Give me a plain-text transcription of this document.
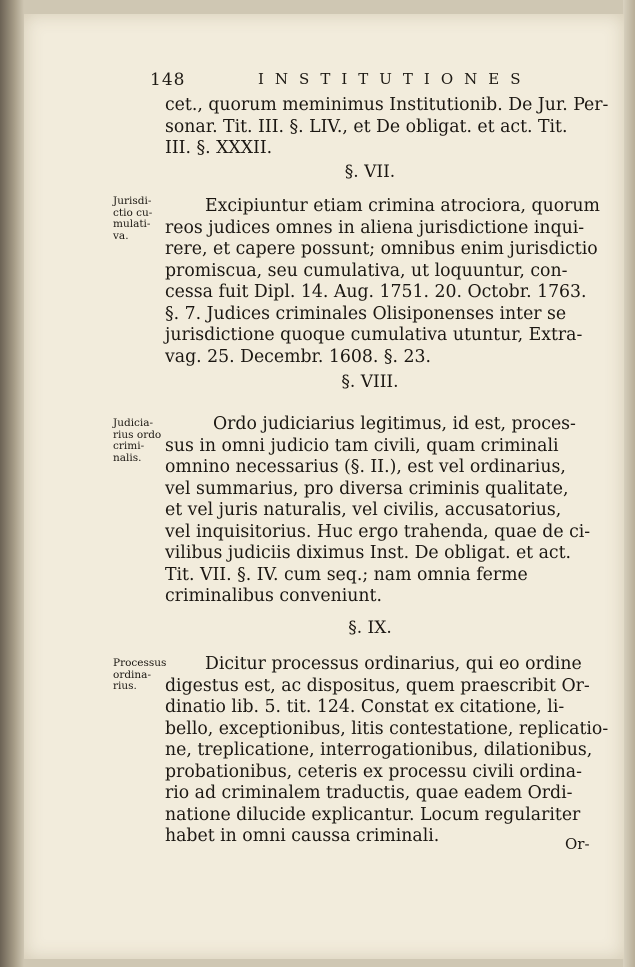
148	INSTITUTIONES
cet., quorum meminimus Institutionib. De Jur. Per-
sonar. Tit. III. §. LIV., et De obligat. et act. Tit.
III. §. XXXII.
§. VII.
Jurisdi-
ctio cu-
mulati-
va.
Excipiuntur etiam crimina atrociora, quorum
reos judices omnes in aliena jurisdictione inqui-
rere, et capere possunt; omnibus enim jurisdictio
promiscua, seu cumulativa, ut loquuntur, con-
cessa fuit Dipl. 14. Aug. 1751. 20. Octobr. 1763.
§. 7. Judices criminales Olisiponenses inter se
jurisdictione quoque cumulativa utuntur, Extra-
vag. 25. Decembr. 1608. §. 23.
§. VIII.
Judicia-
rius ordo
crimi-
nalis.
Ordo judiciarius legitimus, id est, proces-
sus in omni judicio tam civili, quam criminali
omnino necessarius (§. II.), est vel ordinarius,
vel summarius, pro diversa criminis qualitate,
et vel juris naturalis, vel civilis, accusatorius,
vel inquisitorius. Huc ergo trahenda, quae de ci-
vilibus judiciis diximus Inst. De obligat. et act.
Tit. VII. §. IV. cum seq.; nam omnia ferme
criminalibus conveniunt.
§. IX.
Processus
ordina-
rius.
Dicitur processus ordinarius, qui eo ordine
digestus est, ac dispositus, quem praescribit Or-
dinatio lib. 5. tit. 124. Constat ex citatione, li-
bello, exceptionibus, litis contestatione, replicatio-
ne, treplicatione, interrogationibus, dilationibus,
probationibus, ceteris ex processu civili ordina-
rio ad criminalem traductis, quae eadem Ordi-
natione dilucide explicantur. Locum regulariter
habet in omni caussa criminali.	Or-
